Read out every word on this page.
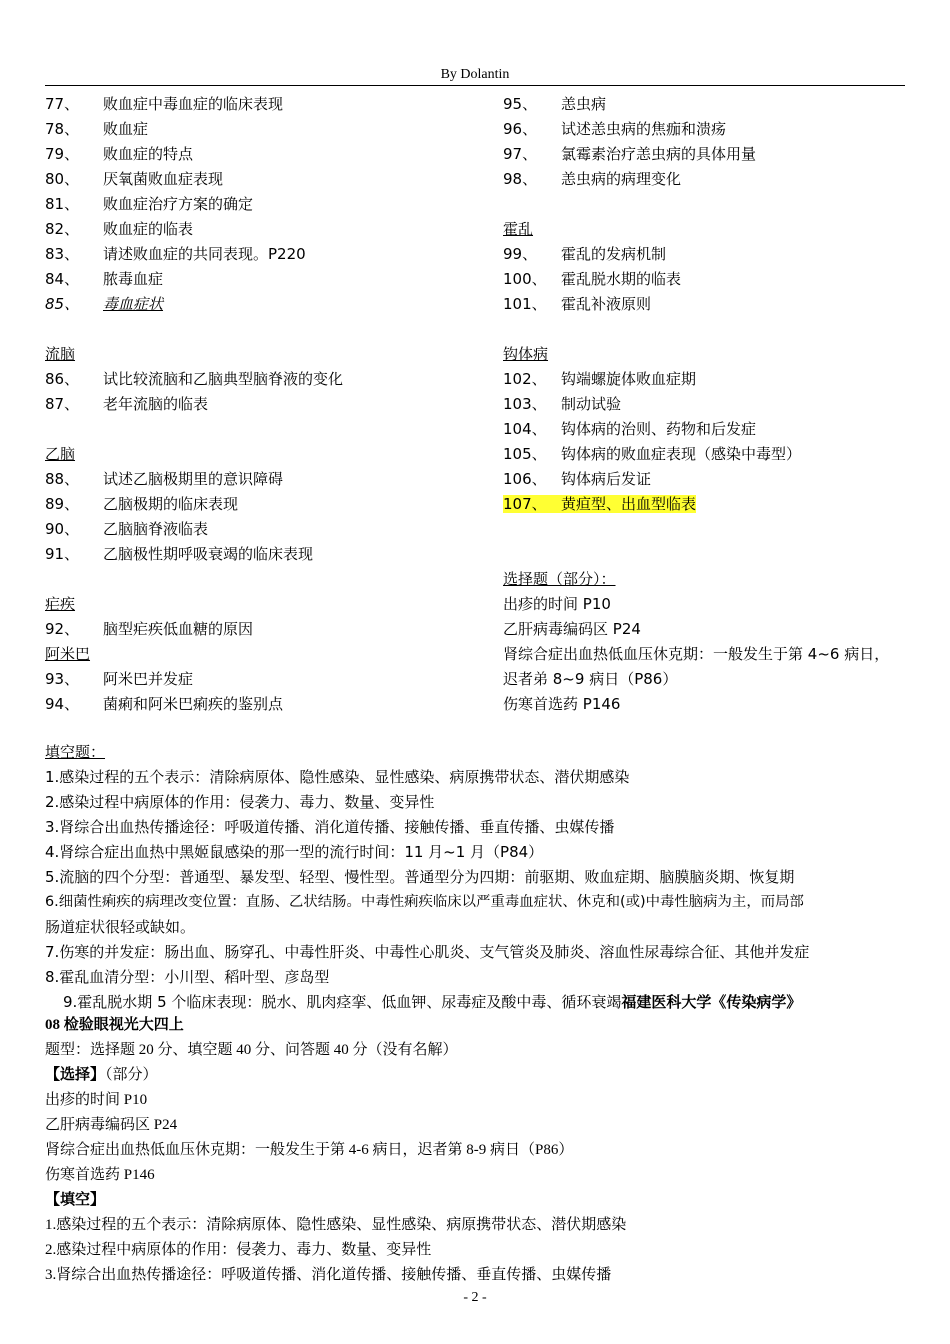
By Dolantin
77、 败血症中毒血症的临床表现
78、 败血症
79、 败血症的特点
80、 厌氧菌败血症表现
81、 败血症治疗方案的确定
82、 败血症的临表
83、 请述败血症的共同表现。P220
84、 脓毒血症
85、 毒血症状
流脑
86、 试比较流脑和乙脑典型脑脊液的变化
87、 老年流脑的临表
乙脑
88、 试述乙脑极期里的意识障碍
89、 乙脑极期的临床表现
90、 乙脑脑脊液临表
91、 乙脑极性期呼吸衰竭的临床表现
疟疾
92、 脑型疟疾低血糖的原因
阿米巴
93、 阿米巴并发症
94、 菌痢和阿米巴痢疾的鉴别点
95、 恙虫病
96、 试述恙虫病的焦痂和溃疡
97、 氯霉素治疗恙虫病的具体用量
98、 恙虫病的病理变化
霍乱
99、 霍乱的发病机制
100、 霍乱脱水期的临表
101、 霍乱补液原则
钩体病
102、 钩端螺旋体败血症期
103、 制动试验
104、 钩体病的治则、药物和后发症
105、 钩体病的败血症表现（感染中毒型）
106、 钩体病后发证
107、 黄疸型、出血型临表
选择题（部分）：
出疹的时间 P10
乙肝病毒编码区 P24
肾综合症出血热低血压休克期：一般发生于第 4~6 病日，
迟者弟 8~9 病日（P86）
伤寒首选药 P146
填空题：
1.感染过程的五个表示：清除病原体、隐性感染、显性感染、病原携带状态、潜伏期感染
2.感染过程中病原体的作用：侵袭力、毒力、数量、变异性
3.肾综合出血热传播途径：呼吸道传播、消化道传播、接触传播、垂直传播、虫媒传播
4.肾综合症出血热中黑姬鼠感染的那一型的流行时间：11 月~1 月（P84）
5.流脑的四个分型：普通型、暴发型、轻型、慢性型。普通型分为四期：前驱期、败血症期、脑膜脑炎期、恢复期
6.细菌性痢疾的病理改变位置：直肠、乙状结肠。中毒性痢疾临床以严重毒血症状、休克和(或)中毒性脑病为主，而局部
肠道症状很轻或缺如。
7.伤寒的并发症：肠出血、肠穿孔、中毒性肝炎、中毒性心肌炎、支气管炎及肺炎、溶血性尿毒综合征、其他并发症
8.霍乱血清分型：小川型、稻叶型、彦岛型
9.霍乱脱水期 5 个临床表现：脱水、肌肉痉挛、低血钾、尿毒症及酸中毒、循环衰竭福建医科大学《传染病学》
08 检验眼视光大四上
题型：选择题 20 分、填空题 40 分、问答题 40 分（没有名解）
【选择】（部分）
出疹的时间 P10
乙肝病毒编码区 P24
肾综合症出血热低血压休克期：一般发生于第 4-6 病日，迟者第 8-9 病日（P86）
伤寒首选药 P146
【填空】
1.感染过程的五个表示：清除病原体、隐性感染、显性感染、病原携带状态、潜伏期感染
2.感染过程中病原体的作用：侵袭力、毒力、数量、变异性
3.肾综合出血热传播途径：呼吸道传播、消化道传播、接触传播、垂直传播、虫媒传播
- 2 -
